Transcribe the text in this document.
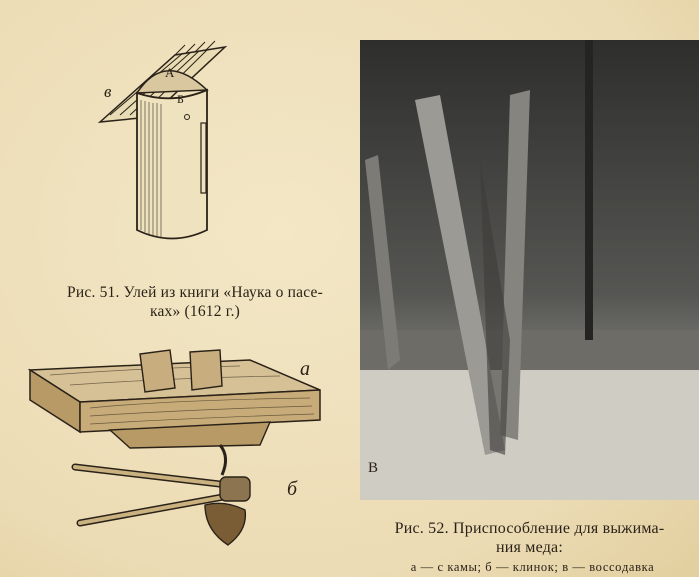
в
А
Б
Рис. 51. Улей из книги «Наука о пасе-
ках» (1612 г.)
а
б
В
Рис. 52. Приспособление для выжима-
ния меда:
а — с камы; б — клинок; в — восcoдавка
